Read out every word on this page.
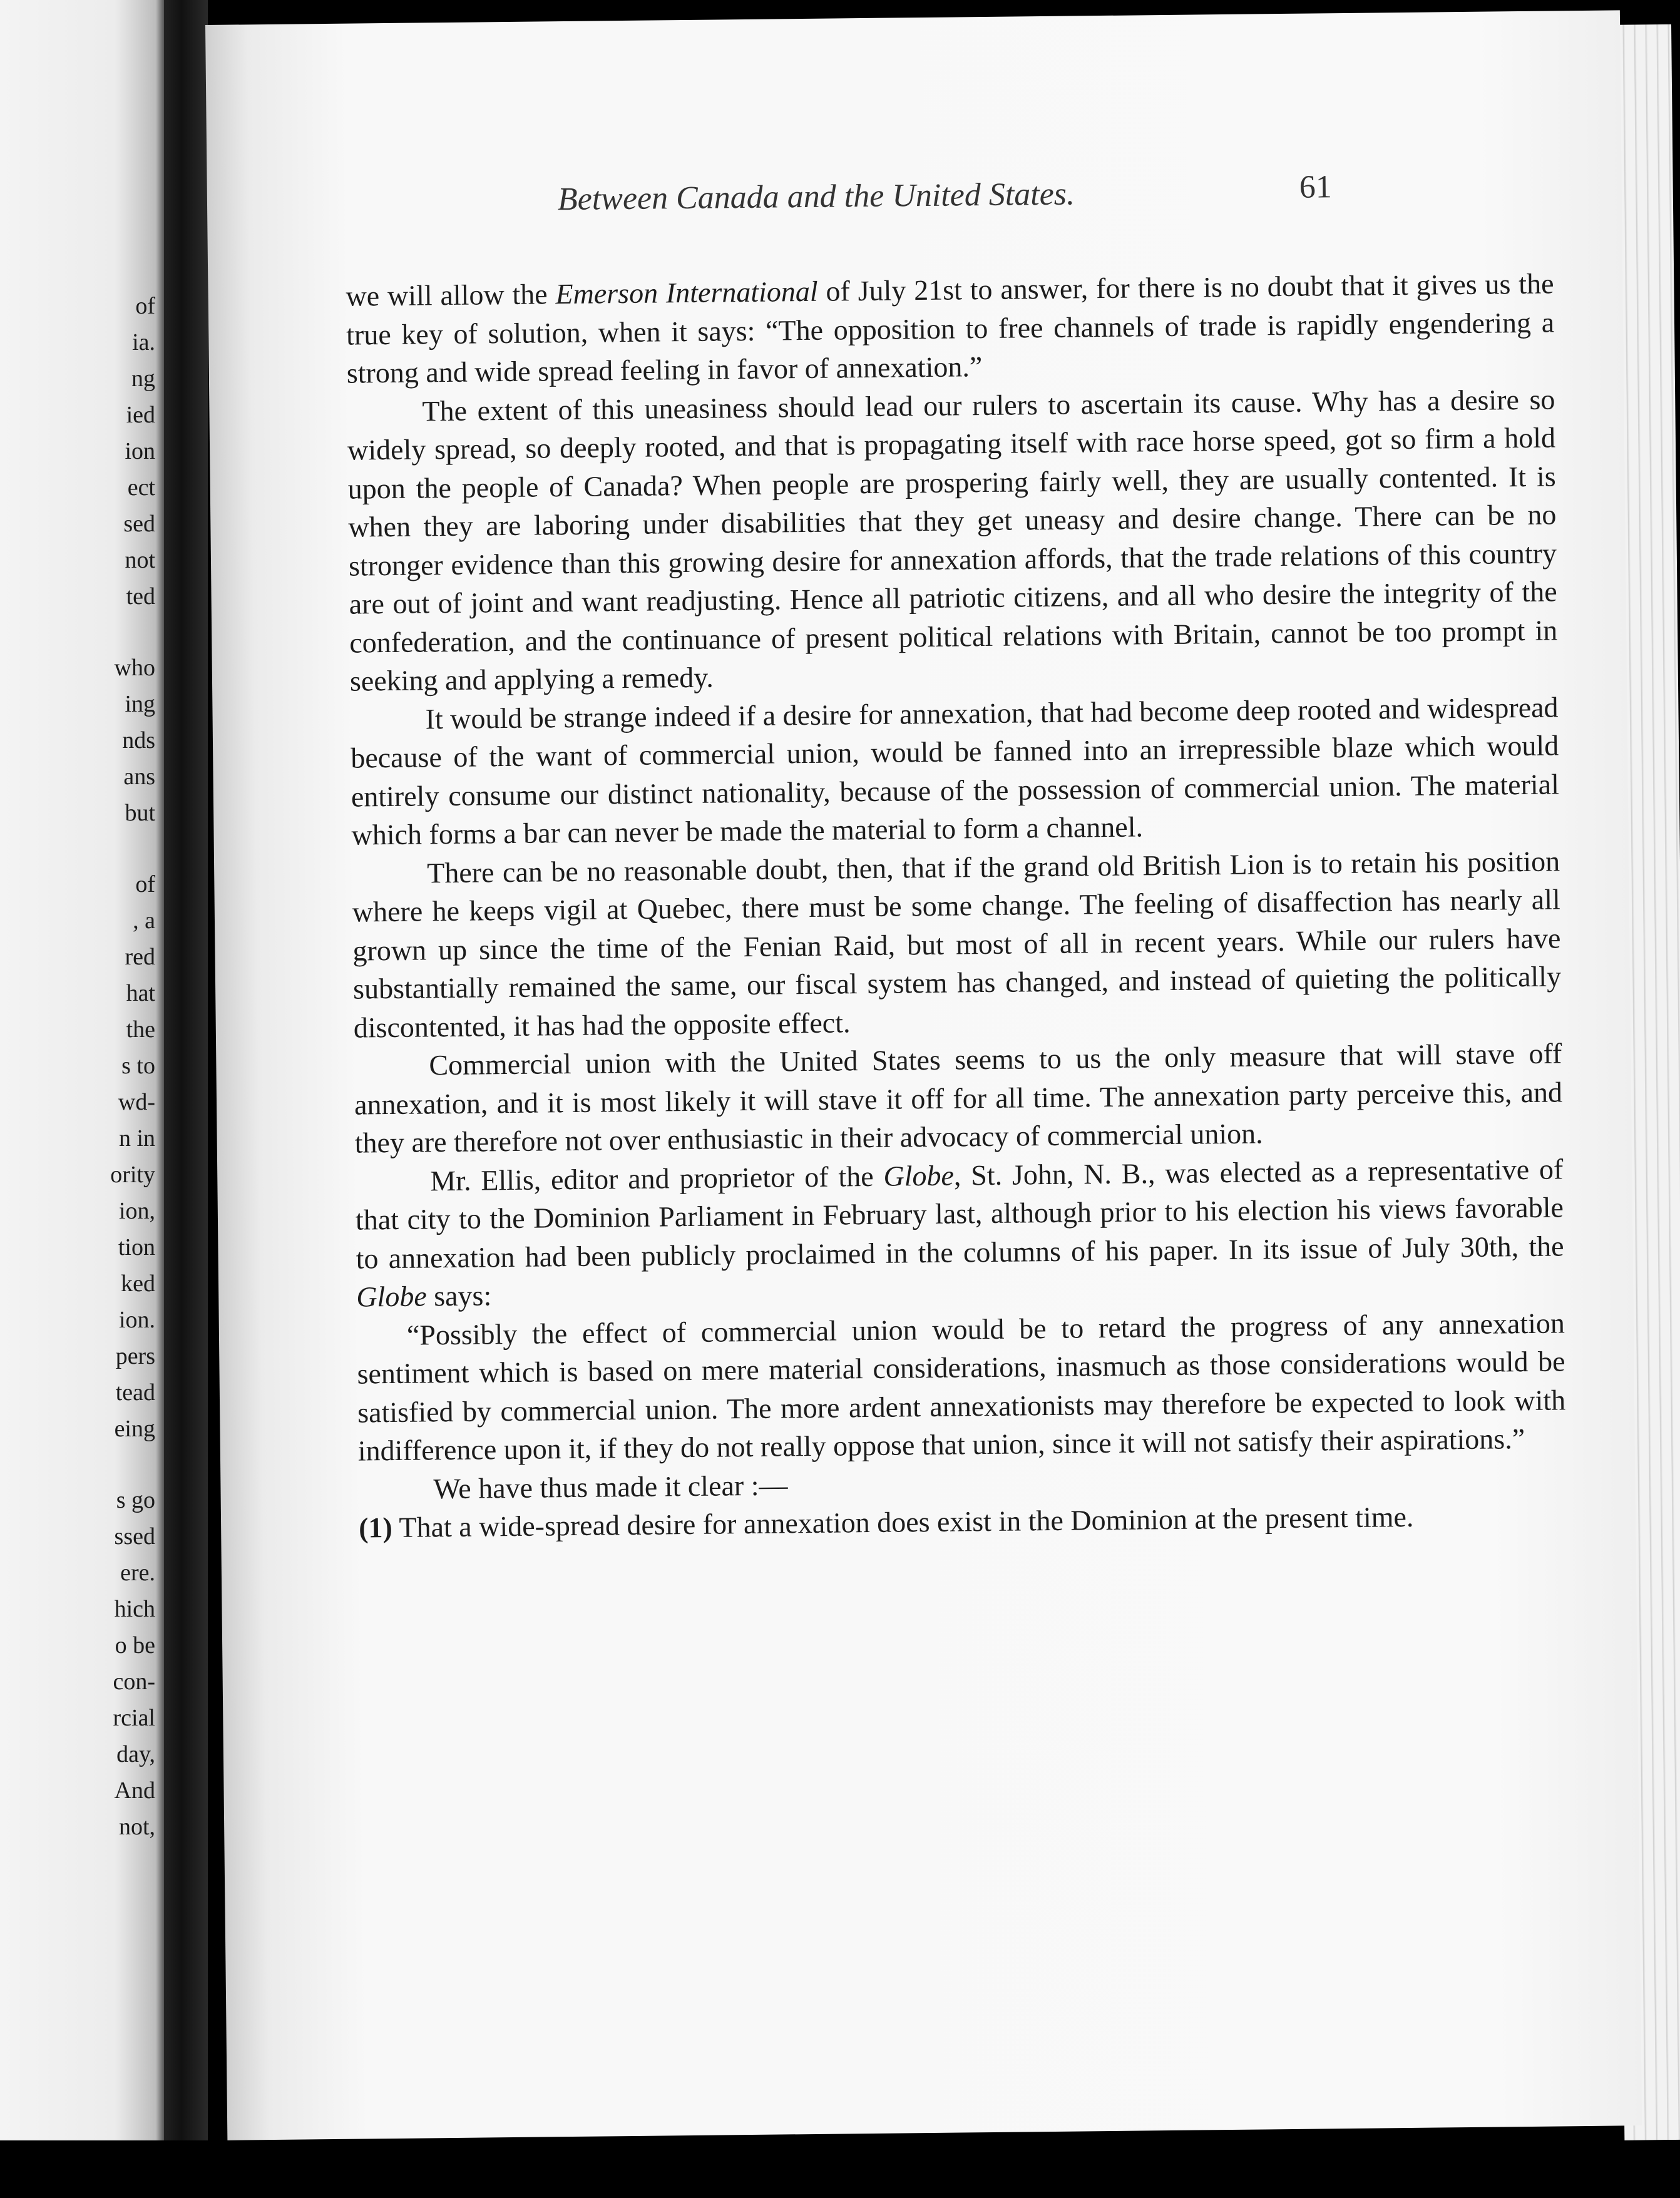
of
ia.
ng
ied
ion
ect
sed
not
ted
who
ing
nds
ans
but
of
, a
red
hat
the
s to
wd-
n in
ority
ion,
tion
ked
ion.
pers
tead
eing
s go
ssed
ere.
hich
o be
con-
rcial
day,
And
not,
Between Canada and the United States.	61

we will allow the Emerson International of July 21st to answer, for there is no doubt that it gives us the true key of solution, when it says: “The opposition to free channels of trade is rapidly engendering a strong and wide spread feeling in favor of annexation.”

The extent of this uneasiness should lead our rulers to ascertain its cause. Why has a desire so widely spread, so deeply rooted, and that is propagating itself with race horse speed, got so firm a hold upon the people of Canada? When people are prospering fairly well, they are usually contented. It is when they are laboring under disabilities that they get uneasy and desire change. There can be no stronger evidence than this growing desire for annexation affords, that the trade relations of this country are out of joint and want readjusting. Hence all patriotic citizens, and all who desire the integrity of the confederation, and the continuance of present political relations with Britain, cannot be too prompt in seeking and applying a remedy.

It would be strange indeed if a desire for annexation, that had become deep rooted and widespread because of the want of commercial union, would be fanned into an irrepressible blaze which would entirely consume our distinct nationality, because of the possession of commercial union. The material which forms a bar can never be made the material to form a channel.

There can be no reasonable doubt, then, that if the grand old British Lion is to retain his position where he keeps vigil at Quebec, there must be some change. The feeling of disaffection has nearly all grown up since the time of the Fenian Raid, but most of all in recent years. While our rulers have substantially remained the same, our fiscal system has changed, and instead of quieting the politically discontented, it has had the opposite effect.

Commercial union with the United States seems to us the only measure that will stave off annexation, and it is most likely it will stave it off for all time. The annexation party perceive this, and they are therefore not over enthusiastic in their advocacy of commercial union.

Mr. Ellis, editor and proprietor of the Globe, St. John, N. B., was elected as a representative of that city to the Dominion Parliament in February last, although prior to his election his views favorable to annexation had been publicly proclaimed in the columns of his paper. In its issue of July 30th, the Globe says:

“Possibly the effect of commercial union would be to retard the progress of any annexation sentiment which is based on mere material considerations, inasmuch as those considerations would be satisfied by commercial union. The more ardent annexationists may therefore be expected to look with indifference upon it, if they do not really oppose that union, since it will not satisfy their aspirations.”

We have thus made it clear :—

(1) That a wide-spread desire for annexation does exist in the Dominion at the present time.
